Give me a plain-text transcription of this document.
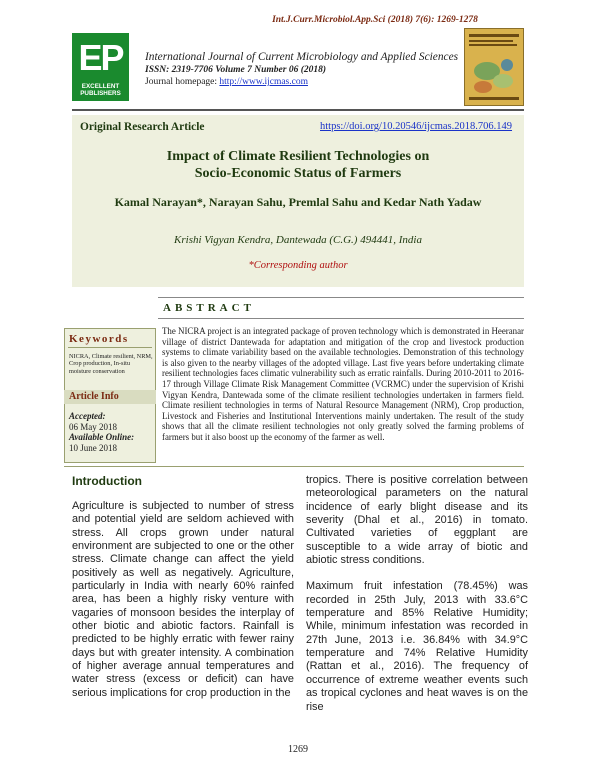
Int.J.Curr.Microbiol.App.Sci (2018) 7(6): 1269-1278
EP
EXCELLENT PUBLISHERS
International Journal of Current Microbiology and Applied Sciences
ISSN: 2319-7706 Volume 7 Number 06 (2018)
Journal homepage: http://www.ijcmas.com
Original Research Article	https://doi.org/10.20546/ijcmas.2018.706.149
Impact of Climate Resilient Technologies on
Socio-Economic Status of Farmers
Kamal Narayan*, Narayan Sahu, Premlal Sahu and Kedar Nath Yadaw
Krishi Vigyan Kendra, Dantewada (C.G.) 494441, India
*Corresponding author
ABSTRACT
Keywords
NICRA, Climate resilient, NRM, Crop production, In-situ moisture conservation
Article Info
Accepted:
06 May 2018
Available Online:
10 June 2018
The NICRA project is an integrated package of proven technology which is demonstrated in Heeranar village of district Dantewada for adaptation and mitigation of the crop and livestock production systems to climate variability based on the available technologies. Demonstration of this technology is also given to the nearby villages of the adopted village. Last five years before undertaking climate resilient technologies faces climatic vulnerability such as erratic rainfalls. During 2010-2011 to 2016-17 through Village Climate Risk Management Committee (VCRMC) under the supervision of Krishi Vigyan Kendra, Dantewada some of the climate resilient technologies undertaken in farmers field. Climate resilient technologies in terms of Natural Resource Management (NRM), Crop production, Livestock and Fisheries and Institutional Interventions mainly undertaken. The result of the study shows that all the climate resilient technologies not only greatly solved the farming problems of farmers but it also boost up the economy of the farmer as well.
Introduction

Agriculture is subjected to number of stress and potential yield are seldom achieved with stress. All crops grown under natural environment are subjected to one or the other stress. Climate change can affect the yield positively as well as negatively. Agriculture, particularly in India with nearly 60% rainfed area, has been a highly risky venture with vagaries of monsoon besides the interplay of other biotic and abiotic factors. Rainfall is predicted to be highly erratic with fewer rainy days but with greater intensity. A combination of higher average annual temperatures and water stress (excess or deficit) can have serious implications for crop production in the

tropics. There is positive correlation between meteorological parameters on the natural incidence of early blight disease and its severity (Dhal et al., 2016) in tomato. Cultivated varieties of eggplant are susceptible to a wide array of biotic and abiotic stress conditions.

Maximum fruit infestation (78.45%) was recorded in 25th July, 2013 with 33.6°C temperature and 85% Relative Humidity; While, minimum infestation was recorded in 27th June, 2013 i.e. 36.84% with 34.9°C temperature and 74% Relative Humidity (Rattan et al., 2016). The frequency of occurrence of extreme weather events such as tropical cyclones and heat waves is on the rise

1269
